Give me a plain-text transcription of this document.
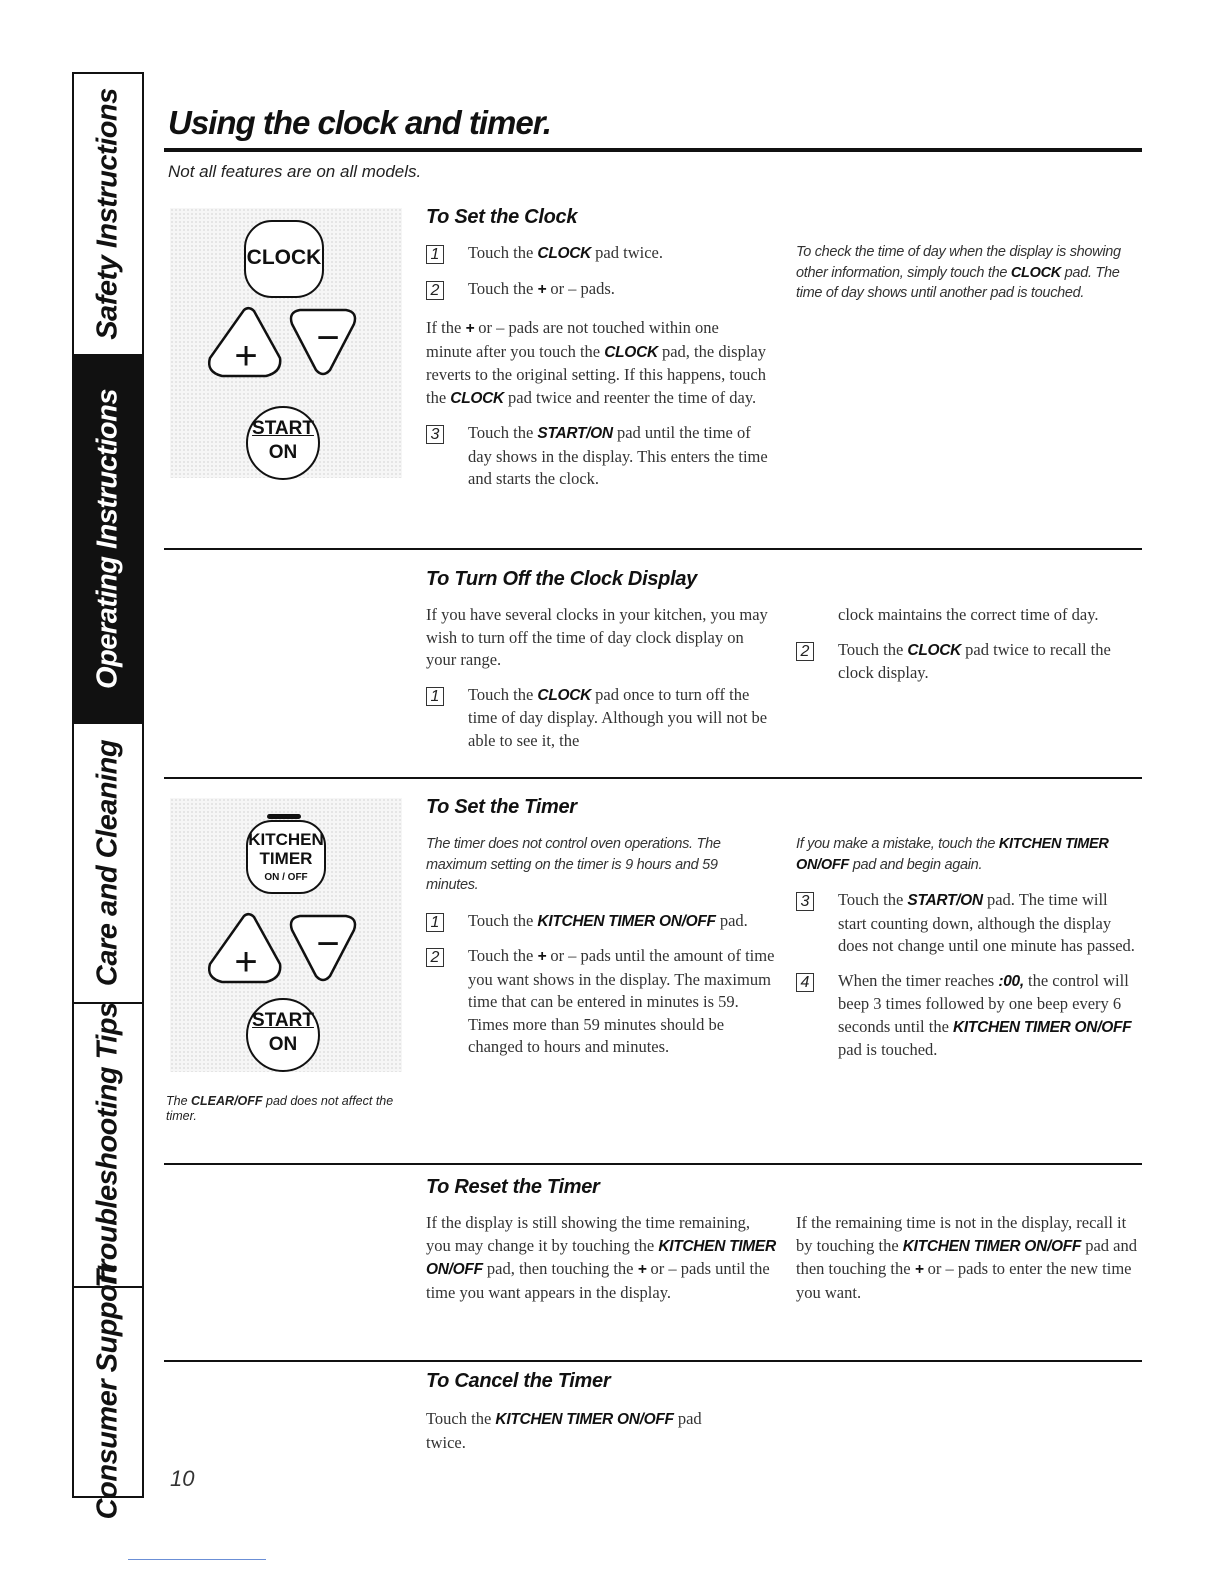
Safety Instructions
Operating Instructions
Care and Cleaning
Troubleshooting Tips
Consumer Support
Using the clock and timer.
Not all features are on all models.
CLOCK
+	−
START
ON
To Set the Clock
1 Touch the CLOCK pad twice.
2 Touch the + or – pads.

If the + or – pads are not touched within one minute after you touch the CLOCK pad, the display reverts to the original setting. If this happens, touch the CLOCK pad twice and reenter the time of day.

3 Touch the START/ON pad until the time of day shows in the display. This enters the time and starts the clock.
To check the time of day when the display is showing other information, simply touch the CLOCK pad. The time of day shows until another pad is touched.
To Turn Off the Clock Display

If you have several clocks in your kitchen, you may wish to turn off the time of day clock display on your range.

1 Touch the CLOCK pad once to turn off the time of day display. Although you will not be able to see it, the

clock maintains the correct time of day.

2 Touch the CLOCK pad twice to recall the clock display.
KITCHEN
TIMER
ON / OFF
+	−
START
ON
The CLEAR/OFF pad does not affect the timer.
To Set the Timer

The timer does not control oven operations. The maximum setting on the timer is 9 hours and 59 minutes.

1 Touch the KITCHEN TIMER ON/OFF pad.
2 Touch the + or – pads until the amount of time you want shows in the display. The maximum time that can be entered in minutes is 59. Times more than 59 minutes should be changed to hours and minutes.

If you make a mistake, touch the KITCHEN TIMER ON/OFF pad and begin again.

3 Touch the START/ON pad. The time will start counting down, although the display does not change until one minute has passed.
4 When the timer reaches :00, the control will beep 3 times followed by one beep every 6 seconds until the KITCHEN TIMER ON/OFF pad is touched.
To Reset the Timer

If the display is still showing the time remaining, you may change it by touching the KITCHEN TIMER ON/OFF pad, then touching the + or – pads until the time you want appears in the display.

If the remaining time is not in the display, recall it by touching the KITCHEN TIMER ON/OFF pad and then touching the + or – pads to enter the new time you want.

To Cancel the Timer

Touch the KITCHEN TIMER ON/OFF pad twice.

10
